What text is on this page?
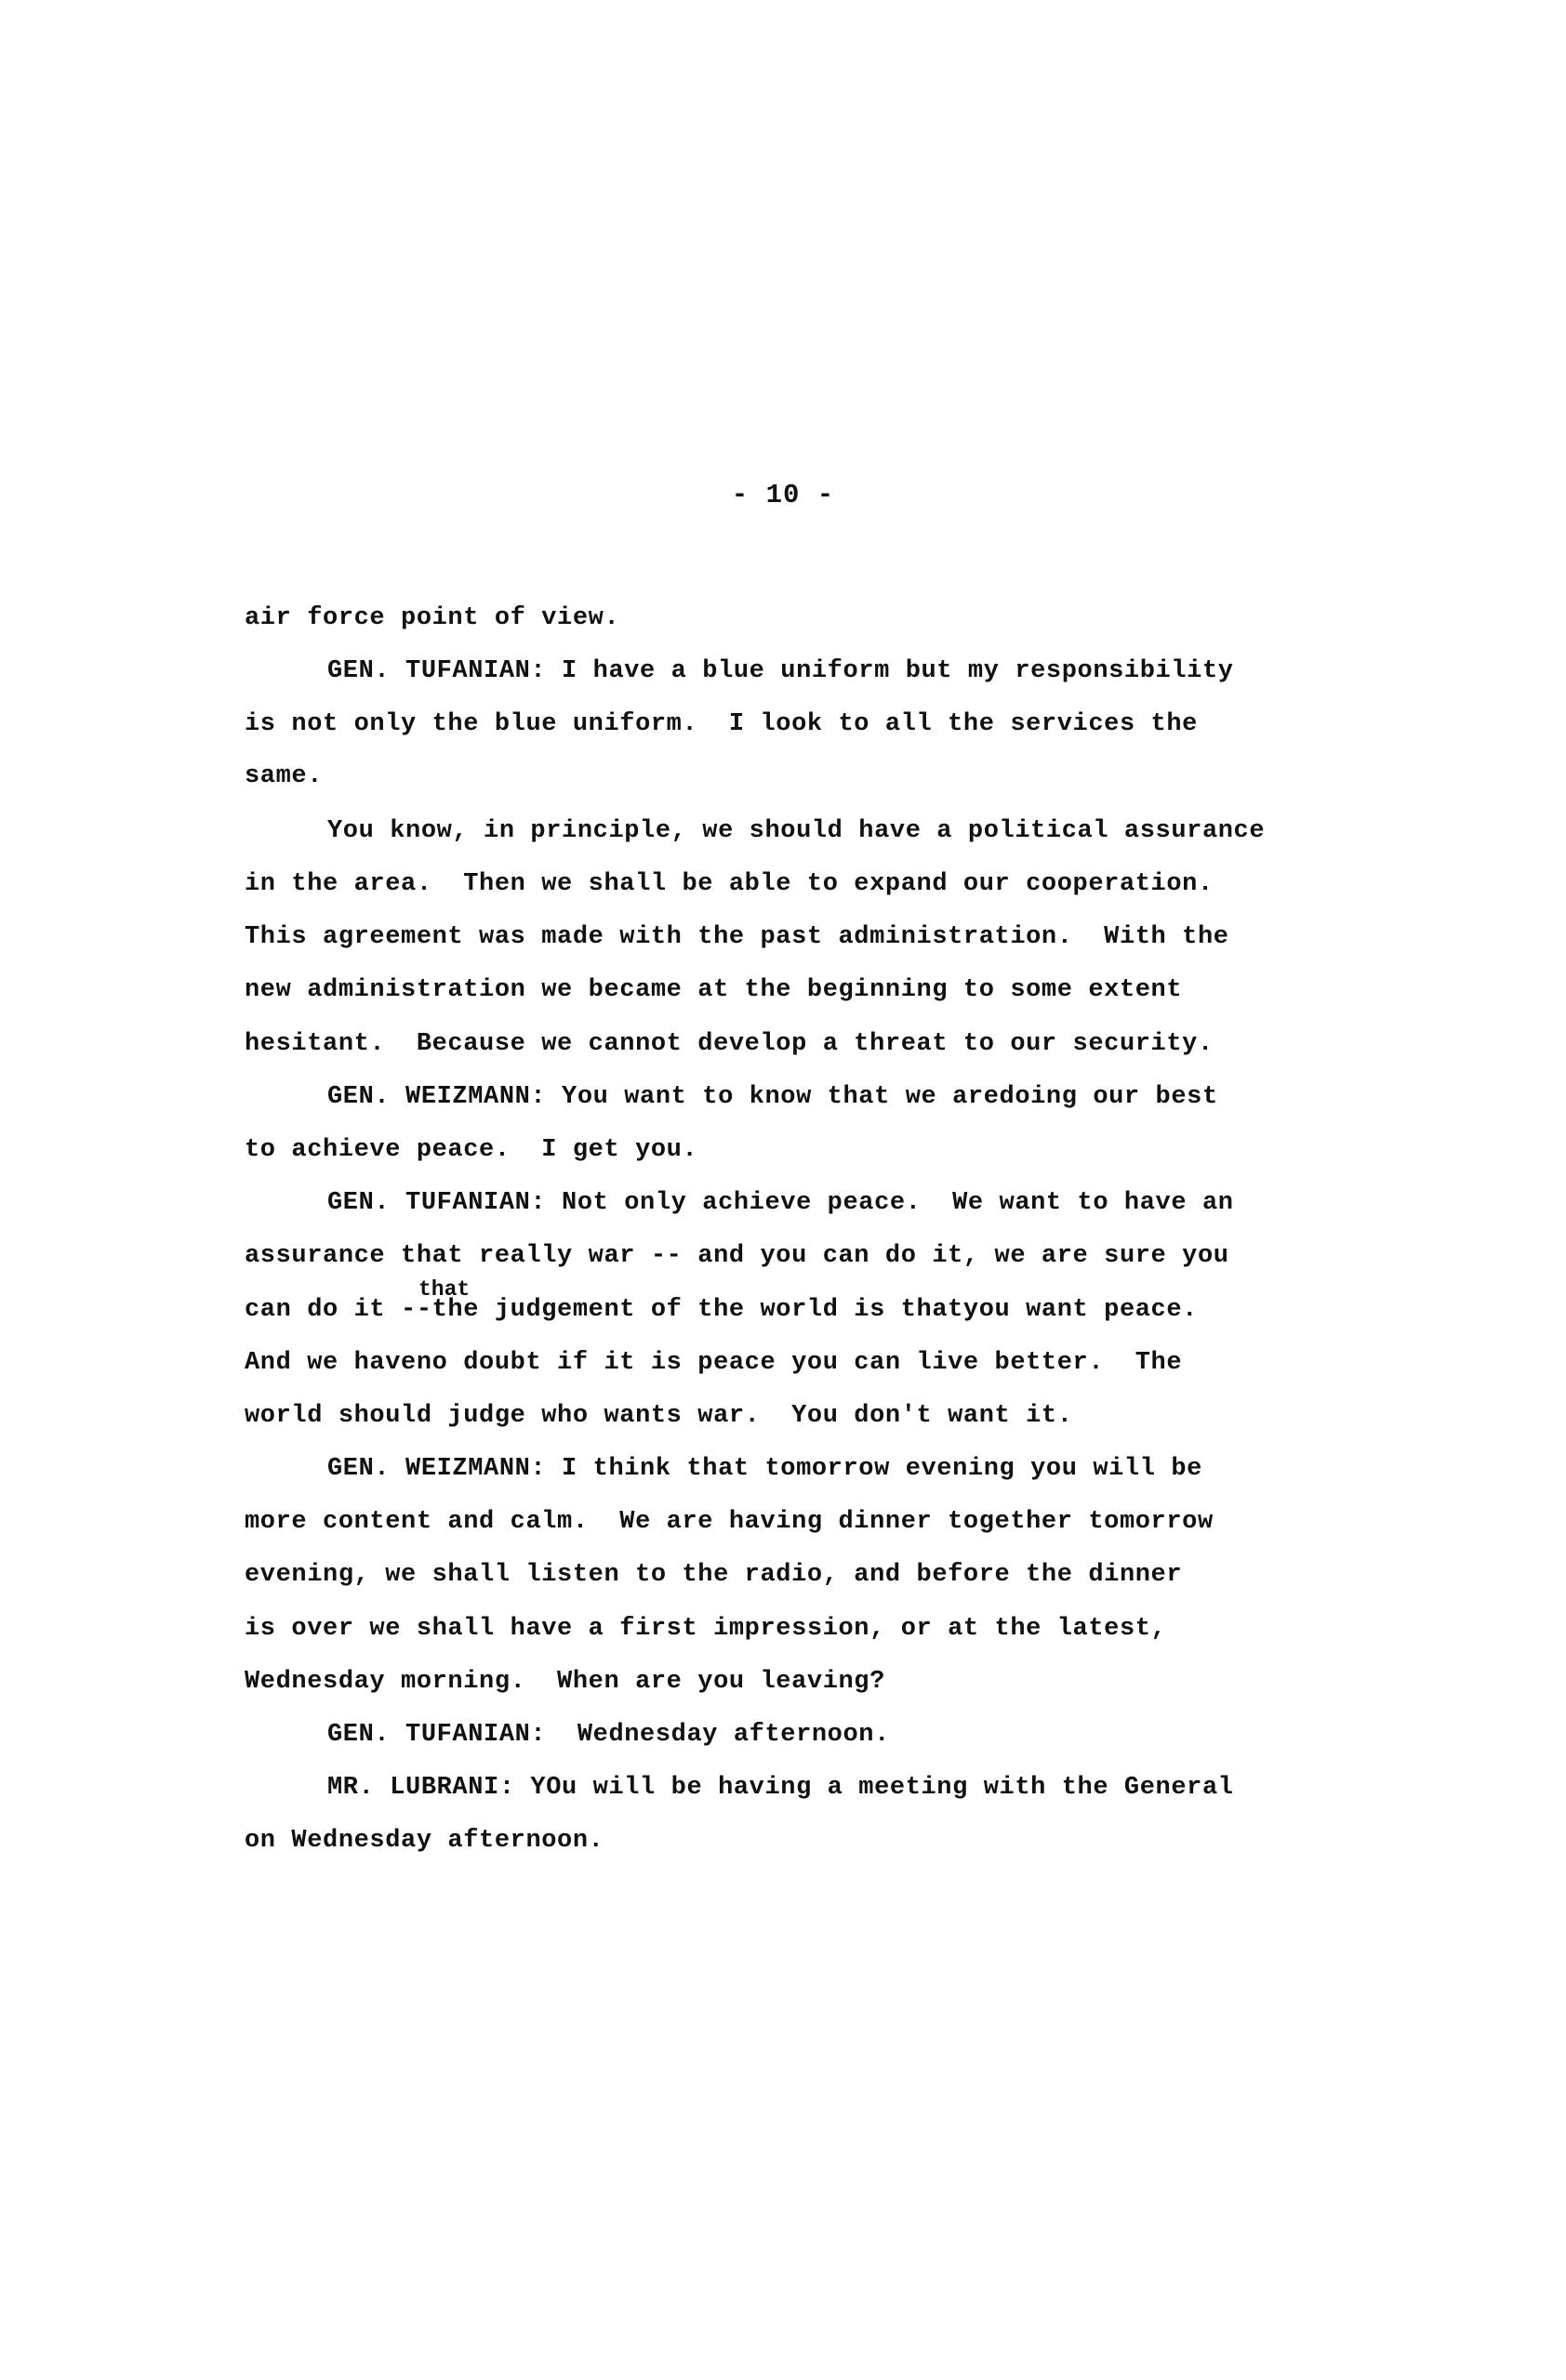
- 10 -
air force point of view.
GEN. TUFANIAN: I have a blue uniform but my responsibility
is not only the blue uniform.  I look to all the services the
same.
You know, in principle, we should have a political assurance
in the area.  Then we shall be able to expand our cooperation.
This agreement was made with the past administration.  With the
new administration we became at the beginning to some extent
hesitant.  Because we cannot develop a threat to our security.
GEN. WEIZMANN: You want to know that we aredoing our best
to achieve peace.  I get you.
GEN. TUFANIAN: Not only achieve peace.  We want to have an
assurance that really war -- and you can do it, we are sure you
can do it --the judgement of the world is thatyou want peace.
that
And we haveno doubt if it is peace you can live better.  The
world should judge who wants war.  You don't want it.
GEN. WEIZMANN: I think that tomorrow evening you will be
more content and calm.  We are having dinner together tomorrow
evening, we shall listen to the radio, and before the dinner
is over we shall have a first impression, or at the latest,
Wednesday morning.  When are you leaving?
GEN. TUFANIAN:  Wednesday afternoon.
MR. LUBRANI: YOu will be having a meeting with the General
on Wednesday afternoon.
